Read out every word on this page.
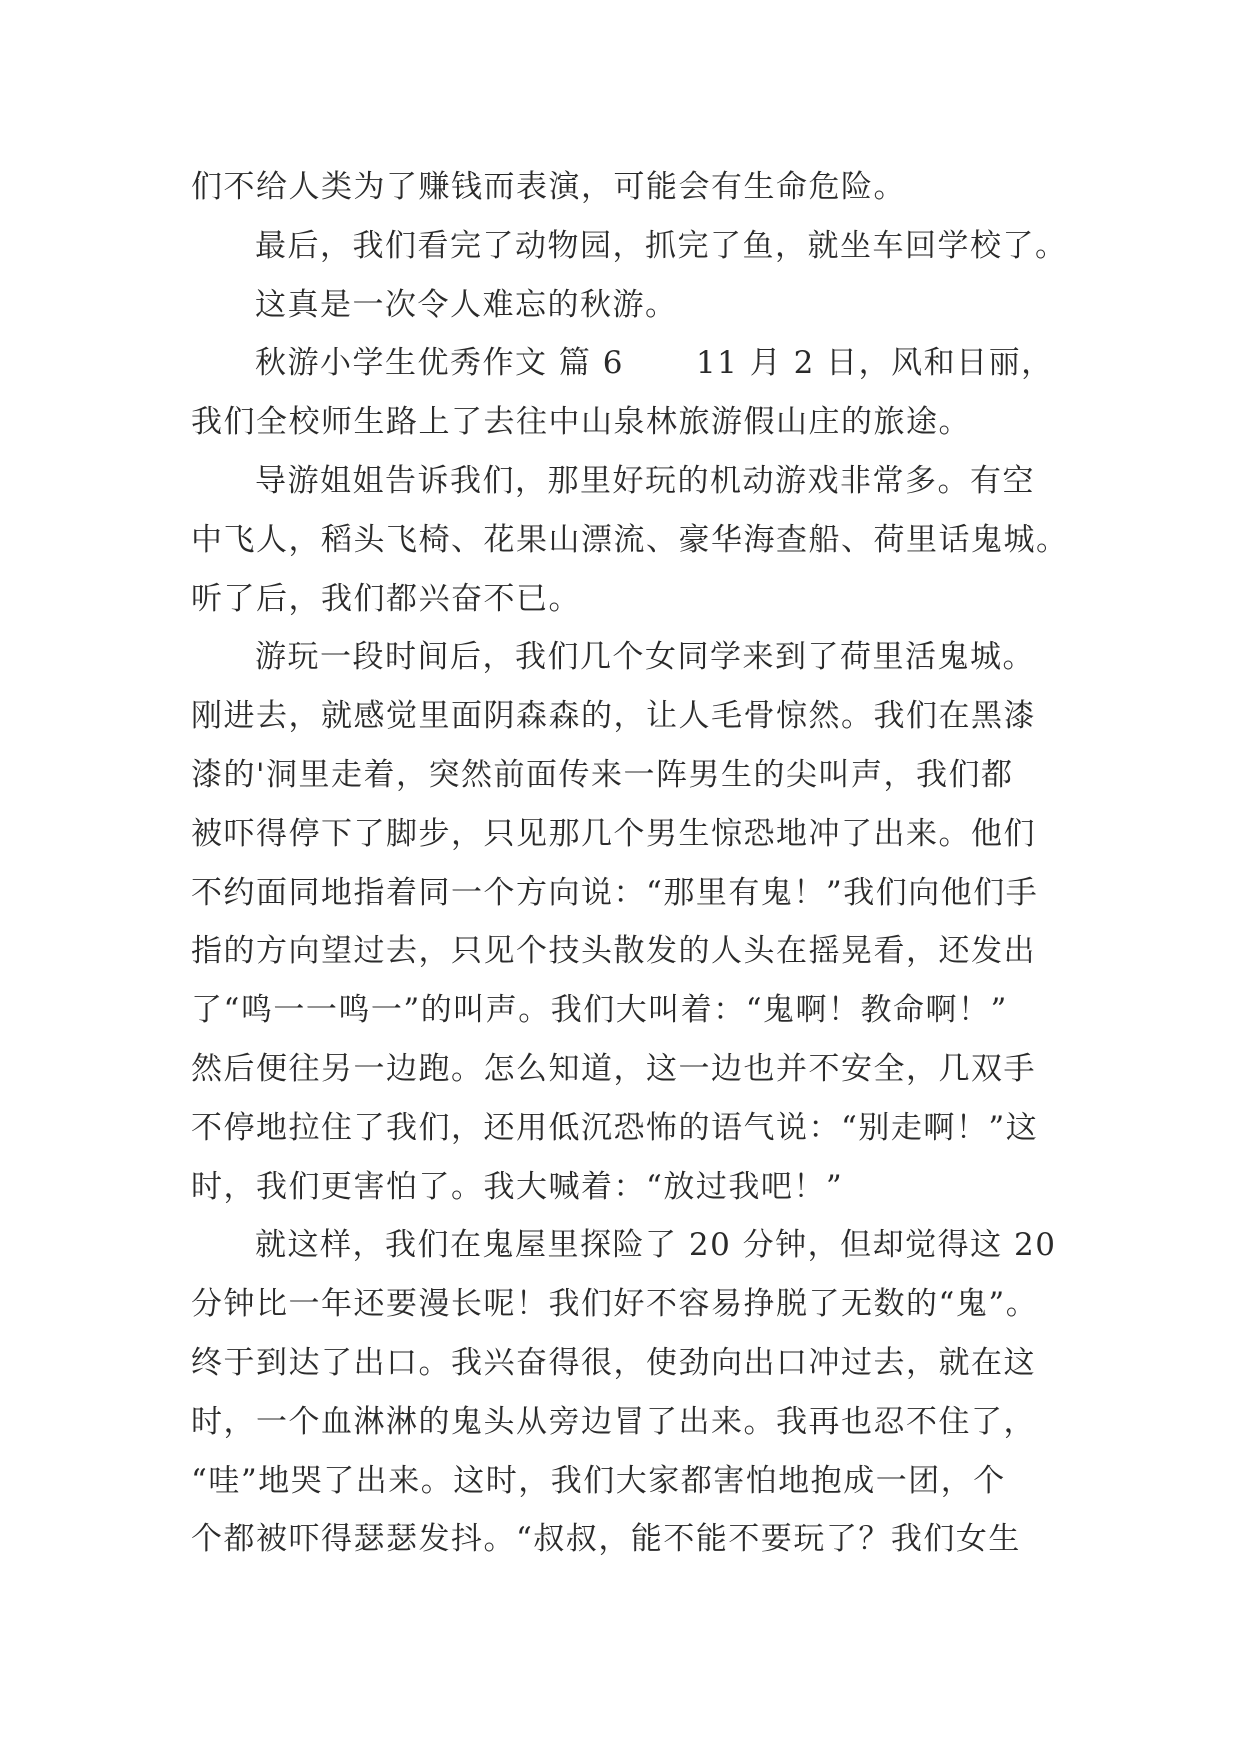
们不给人类为了赚钱而表演，可能会有生命危险。
最后，我们看完了动物园，抓完了鱼，就坐车回学校了。
这真是一次令人难忘的秋游。
秋游小学生优秀作文 篇 6 11 月 2 日，风和日丽，
我们全校师生路上了去往中山泉林旅游假山庄的旅途。
导游姐姐告诉我们，那里好玩的机动游戏非常多。有空
中飞人，稻头飞椅、花果山漂流、豪华海查船、荷里话鬼城。
听了后，我们都兴奋不已。
游玩一段时间后，我们几个女同学来到了荷里活鬼城。
刚进去，就感觉里面阴森森的，让人毛骨惊然。我们在黑漆
漆的'洞里走着，突然前面传来一阵男生的尖叫声，我们都
被吓得停下了脚步，只见那几个男生惊恐地冲了出来。他们
不约面同地指着同一个方向说：“那里有鬼！”我们向他们手
指的方向望过去，只见个技头散发的人头在摇晃看，还发出
了“鸣一一鸣一”的叫声。我们大叫着：“鬼啊！教命啊！”
然后便往另一边跑。怎么知道，这一边也并不安全，几双手
不停地拉住了我们，还用低沉恐怖的语气说：“别走啊！”这
时，我们更害怕了。我大喊着：“放过我吧！”
就这样，我们在鬼屋里探险了 20 分钟，但却觉得这 20
分钟比一年还要漫长呢！我们好不容易挣脱了无数的“鬼”。
终于到达了出口。我兴奋得很，使劲向出口冲过去，就在这
时，一个血淋淋的鬼头从旁边冒了出来。我再也忍不住了，
“哇”地哭了出来。这时，我们大家都害怕地抱成一团，个
个都被吓得瑟瑟发抖。“叔叔，能不能不要玩了？我们女生
